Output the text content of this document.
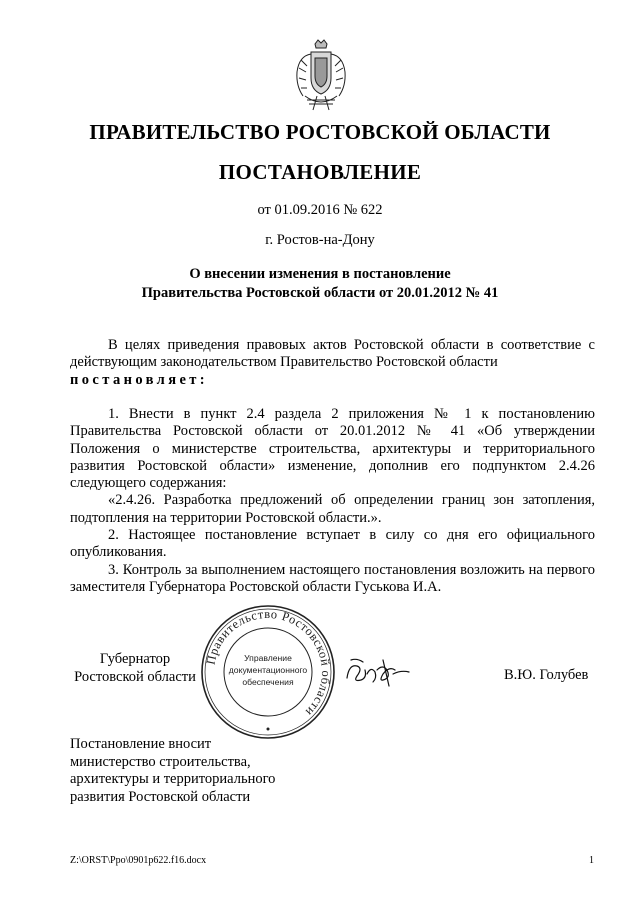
ПРАВИТЕЛЬСТВО РОСТОВСКОЙ ОБЛАСТИ
ПОСТАНОВЛЕНИЕ
от 01.09.2016 № 622
г. Ростов-на-Дону
О внесении изменения в постановление
Правительства Ростовской области от 20.01.2012 № 41

В целях приведения правовых актов Ростовской области в соответствие с действующим законодательством Правительство Ростовской области

постановляет:

1. Внести в пункт 2.4 раздела 2 приложения № 1 к постановлению Правительства Ростовской области от 20.01.2012 № 41 «Об утверждении Положения о министерстве строительства, архитектуры и территориального развития Ростовской области» изменение, дополнив его подпунктом 2.4.26 следующего содержания:

«2.4.26. Разработка предложений об определении границ зон затопления, подтопления на территории Ростовской области.».

2. Настоящее постановление вступает в силу со дня его официального опубликования.

3. Контроль за выполнением настоящего постановления возложить на первого заместителя Губернатора Ростовской области Гуськова И.А.

Губернатор
Ростовской области
Правительство Ростовской области
Управление
документационного
обеспечения	В.Ю. Голубев
Постановление вносит
министерство строительства,
архитектуры и территориального
развития Ростовской области
Z:\ORST\Ppo\0901p622.f16.docx	1
